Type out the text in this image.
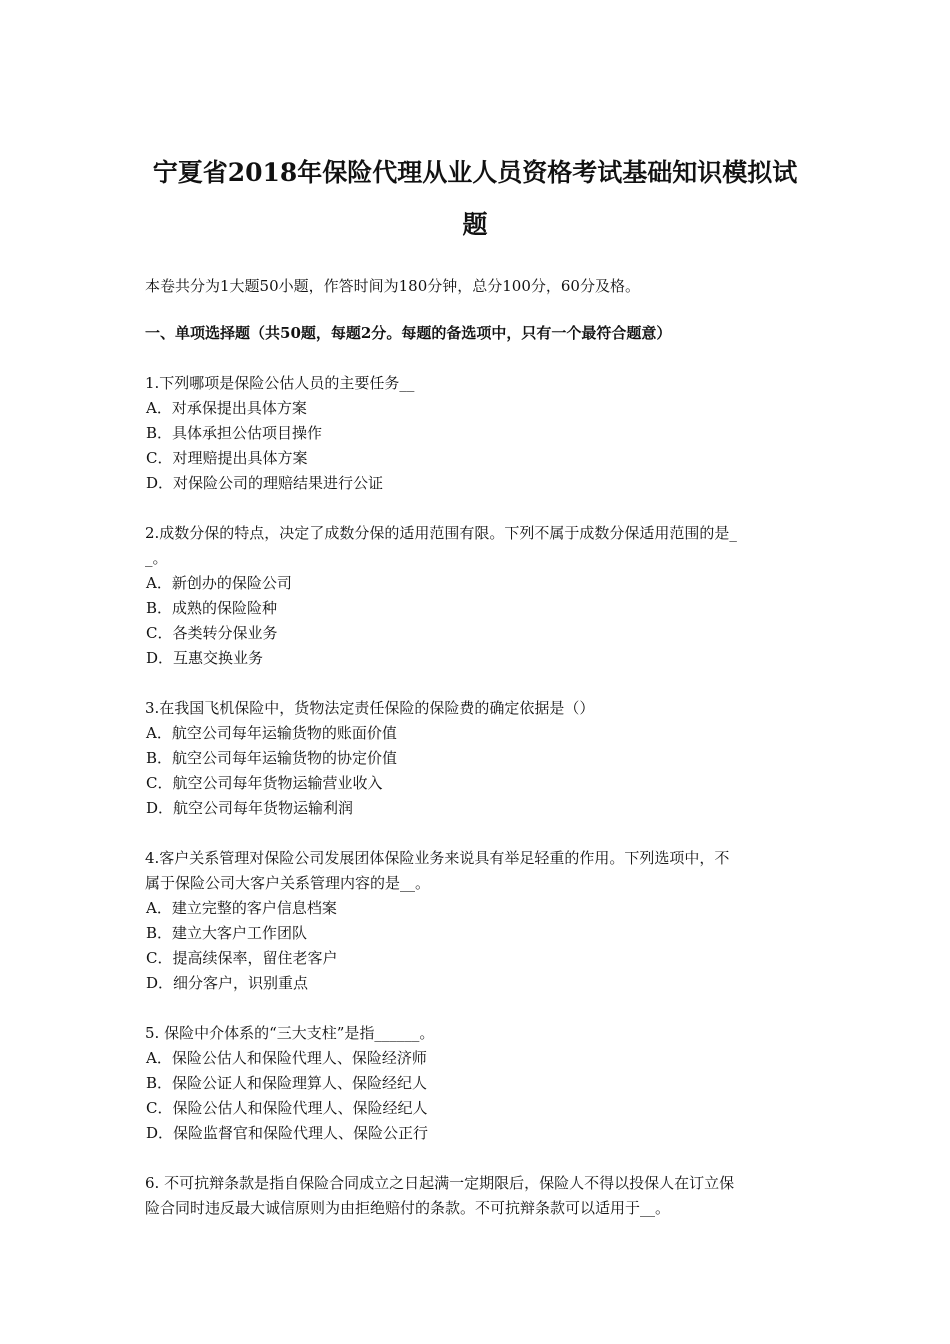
宁夏省2018年保险代理从业人员资格考试基础知识模拟试
题
本卷共分为1大题50小题，作答时间为180分钟，总分100分，60分及格。
一、单项选择题（共50题，每题2分。每题的备选项中，只有一个最符合题意）
1.下列哪项是保险公估人员的主要任务__
A．对承保提出具体方案
B．具体承担公估项目操作
C．对理赔提出具体方案
D．对保险公司的理赔结果进行公证
2.成数分保的特点，决定了成数分保的适用范围有限。下列不属于成数分保适用范围的是_
_。
A．新创办的保险公司
B．成熟的保险险种
C．各类转分保业务
D．互惠交换业务
3.在我国飞机保险中，货物法定责任保险的保险费的确定依据是（）
A．航空公司每年运输货物的账面价值
B．航空公司每年运输货物的协定价值
C．航空公司每年货物运输营业收入
D．航空公司每年货物运输利润
4.客户关系管理对保险公司发展团体保险业务来说具有举足轻重的作用。下列选项中，不
属于保险公司大客户关系管理内容的是__。
A．建立完整的客户信息档案
B．建立大客户工作团队
C．提高续保率，留住老客户
D．细分客户，识别重点
5. 保险中介体系的“三大支柱”是指______。
A．保险公估人和保险代理人、保险经济师
B．保险公证人和保险理算人、保险经纪人
C．保险公估人和保险代理人、保险经纪人
D．保险监督官和保险代理人、保险公正行
6. 不可抗辩条款是指自保险合同成立之日起满一定期限后，保险人不得以投保人在订立保
险合同时违反最大诚信原则为由拒绝赔付的条款。不可抗辩条款可以适用于__。
